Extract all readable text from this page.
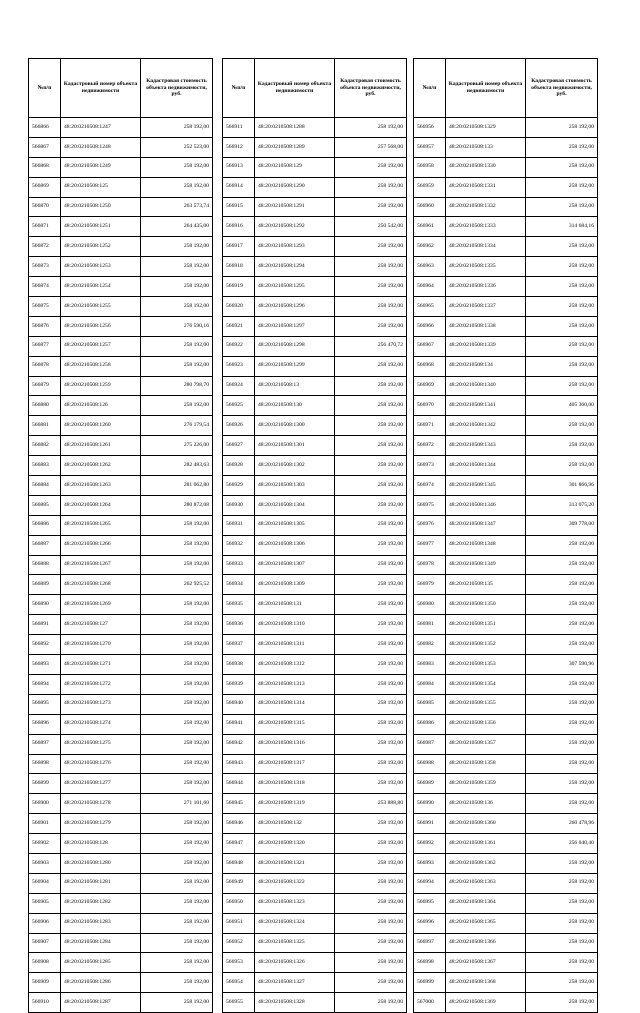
№п/п	Кадастровый номер объекта недвижимости	Кадастровая стоимость объекта недвижимости, руб.
566866	48:20:0210508:1247	258 192,00
566867	48:20:0210508:1248	252 523,00
566868	48:20:0210508:1249	258 192,00
566869	48:20:0210508:125	258 192,00
566870	48:20:0210508:1250	263 573,74
566871	48:20:0210508:1251	264 435,00
566872	48:20:0210508:1252	258 192,00
566873	48:20:0210508:1253	258 192,00
566874	48:20:0210508:1254	258 192,00
566875	48:20:0210508:1255	258 192,00
566876	48:20:0210508:1256	276 590,16
566877	48:20:0210508:1257	258 192,00
566878	48:20:0210508:1258	258 192,00
566879	48:20:0210508:1259	280 798,70
566880	48:20:0210508:126	258 192,00
566881	48:20:0210508:1260	276 179,54
566882	48:20:0210508:1261	275 226,00
566883	48:20:0210508:1262	282 483,63
566884	48:20:0210508:1263	281 062,80
566885	48:20:0210508:1264	280 872,08
566886	48:20:0210508:1265	258 192,00
566887	48:20:0210508:1266	258 192,00
566888	48:20:0210508:1267	258 192,00
566889	48:20:0210508:1268	262 925,52
566890	48:20:0210508:1269	258 192,00
566891	48:20:0210508:127	258 192,00
566892	48:20:0210508:1270	258 192,00
566893	48:20:0210508:1271	258 192,00
566894	48:20:0210508:1272	258 192,00
566895	48:20:0210508:1273	258 192,00
566896	48:20:0210508:1274	258 192,00
566897	48:20:0210508:1275	258 192,00
566898	48:20:0210508:1276	258 192,00
566899	48:20:0210508:1277	258 192,00
566900	48:20:0210508:1278	271 101,60
566901	48:20:0210508:1279	258 192,00
566902	48:20:0210508:128	258 192,00
566903	48:20:0210508:1280	258 192,00
566904	48:20:0210508:1281	258 192,00
566905	48:20:0210508:1282	258 192,00
566906	48:20:0210508:1283	258 192,00
566907	48:20:0210508:1284	258 192,00
566908	48:20:0210508:1285	258 192,00
566909	48:20:0210508:1286	258 192,00
566910	48:20:0210508:1287	258 192,00
№п/п	Кадастровый номер объекта недвижимости	Кадастровая стоимость объекта недвижимости, руб.
566911	48:20:0210508:1288	258 192,00
566912	48:20:0210508:1289	257 568,00
566913	48:20:0210508:129	258 192,00
566914	48:20:0210508:1290	258 192,00
566915	48:20:0210508:1291	258 192,00
566916	48:20:0210508:1292	250 542,00
566917	48:20:0210508:1293	258 192,00
566918	48:20:0210508:1294	258 192,00
566919	48:20:0210508:1295	258 192,00
566920	48:20:0210508:1296	258 192,00
566921	48:20:0210508:1297	258 192,00
566922	48:20:0210508:1298	256 470,72
566923	48:20:0210508:1299	258 192,00
566924	48:20:0210508:13	258 192,00
566925	48:20:0210508:130	258 192,00
566926	48:20:0210508:1300	258 192,00
566927	48:20:0210508:1301	258 192,00
566928	48:20:0210508:1302	258 192,00
566929	48:20:0210508:1303	258 192,00
566930	48:20:0210508:1304	258 192,00
566931	48:20:0210508:1305	258 192,00
566932	48:20:0210508:1306	258 192,00
566933	48:20:0210508:1307	258 192,00
566934	48:20:0210508:1309	258 192,00
566935	48:20:0210508:131	258 192,00
566936	48:20:0210508:1310	258 192,00
566937	48:20:0210508:1311	258 192,00
566938	48:20:0210508:1312	258 192,00
566939	48:20:0210508:1313	258 192,00
566940	48:20:0210508:1314	258 192,00
566941	48:20:0210508:1315	258 192,00
566942	48:20:0210508:1316	258 192,00
566943	48:20:0210508:1317	258 192,00
566944	48:20:0210508:1318	258 192,00
566945	48:20:0210508:1319	253 888,80
566946	48:20:0210508:132	258 192,00
566947	48:20:0210508:1320	258 192,00
566948	48:20:0210508:1321	258 192,00
566949	48:20:0210508:1322	258 192,00
566950	48:20:0210508:1323	258 192,00
566951	48:20:0210508:1324	258 192,00
566952	48:20:0210508:1325	258 192,00
566953	48:20:0210508:1326	258 192,00
566954	48:20:0210508:1327	258 192,00
566955	48:20:0210508:1328	258 192,00
№п/п	Кадастровый номер объекта недвижимости	Кадастровая стоимость объекта недвижимости, руб.
566956	48:20:0210508:1329	258 192,00
566957	48:20:0210508:133	258 192,00
566958	48:20:0210508:1330	258 192,00
566959	48:20:0210508:1331	258 192,00
566960	48:20:0210508:1332	258 192,00
566961	48:20:0210508:1333	314 684,16
566962	48:20:0210508:1334	258 192,00
566963	48:20:0210508:1335	258 192,00
566964	48:20:0210508:1336	258 192,00
566965	48:20:0210508:1337	258 192,00
566966	48:20:0210508:1338	258 192,00
566967	48:20:0210508:1339	258 192,00
566968	48:20:0210508:134	258 192,00
566969	48:20:0210508:1340	258 192,00
566970	48:20:0210508:1341	405 360,00
566971	48:20:0210508:1342	258 192,00
566972	48:20:0210508:1343	258 192,00
566973	48:20:0210508:1344	258 192,00
566974	48:20:0210508:1345	301 866,96
566975	48:20:0210508:1346	313 075,20
566976	48:20:0210508:1347	309 778,00
566977	48:20:0210508:1348	258 192,00
566978	48:20:0210508:1349	258 192,00
566979	48:20:0210508:135	258 192,00
566980	48:20:0210508:1350	258 192,00
566981	48:20:0210508:1351	258 192,00
566982	48:20:0210508:1352	258 192,00
566983	48:20:0210508:1353	307 590,96
566984	48:20:0210508:1354	258 192,00
566985	48:20:0210508:1355	258 192,00
566986	48:20:0210508:1356	258 192,00
566987	48:20:0210508:1357	258 192,00
566988	48:20:0210508:1358	258 192,00
566989	48:20:0210508:1359	258 192,00
566990	48:20:0210508:136	258 192,00
566991	48:20:0210508:1360	260 478,96
566992	48:20:0210508:1361	256 040,40
566993	48:20:0210508:1362	258 192,00
566994	48:20:0210508:1363	258 192,00
566995	48:20:0210508:1364	258 192,00
566996	48:20:0210508:1365	258 192,00
566997	48:20:0210508:1366	258 192,00
566998	48:20:0210508:1367	258 192,00
566999	48:20:0210508:1368	258 192,00
567000	48:20:0210508:1369	258 192,00
